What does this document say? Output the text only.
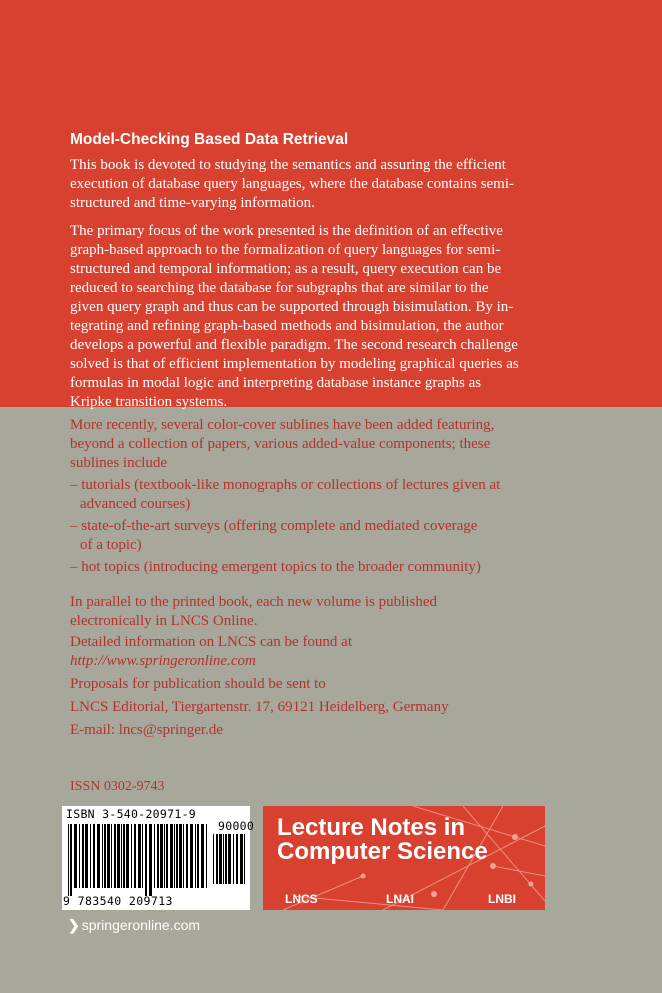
Model-Checking Based Data Retrieval

This book is devoted to studying the semantics and assuring the efficient
execution of database query languages, where the database contains semi-
structured and time-varying information.

The primary focus of the work presented is the definition of an effective
graph-based approach to the formalization of query languages for semi-
structured and temporal information; as a result, query execution can be
reduced to searching the database for subgraphs that are similar to the
given query graph and thus can be supported through bisimulation. By in-
tegrating and refining graph-based methods and bisimulation, the author
develops a powerful and flexible paradigm. The second research challenge
solved is that of efficient implementation by modeling graphical queries as
formulas in modal logic and interpreting database instance graphs as
Kripke transition systems.

More recently, several color-cover sublines have been added featuring,
beyond a collection of papers, various added-value components; these
sublines include

– tutorials (textbook-like monographs or collections of lectures given at
advanced courses)

– state-of-the-art surveys (offering complete and mediated coverage
of a topic)

– hot topics (introducing emergent topics to the broader community)

In parallel to the printed book, each new volume is published
electronically in LNCS Online.

Detailed information on LNCS can be found at
http://www.springeronline.com

Proposals for publication should be sent to

LNCS Editorial, Tiergartenstr. 17, 69121 Heidelberg, Germany

E-mail: lncs@springer.de

ISSN 0302-9743

ISBN 3-540-20971-9
90000
9 783540 209713
Lecture Notes in
Computer Science
LNCS	LNAI	LNBI
❯ springeronline.com
